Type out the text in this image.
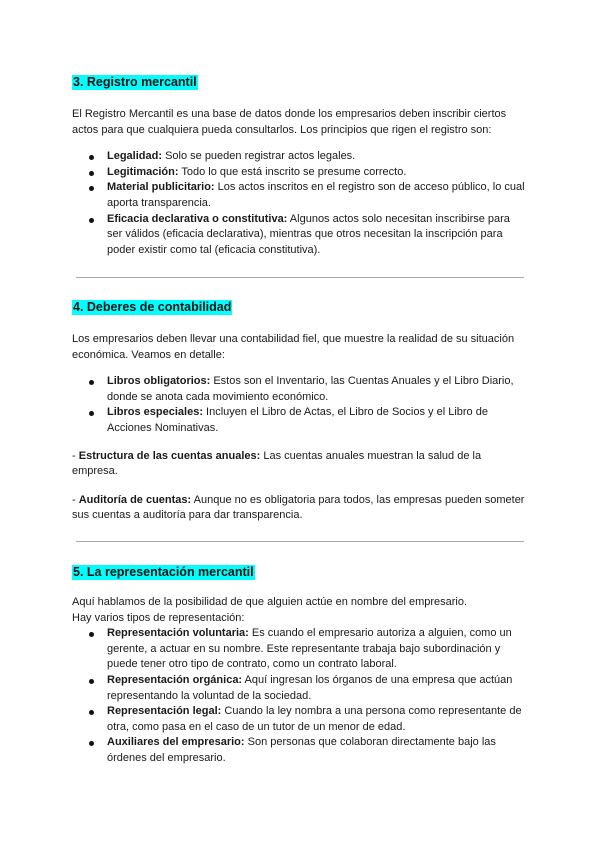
3. Registro mercantil

El Registro Mercantil es una base de datos donde los empresarios deben inscribir ciertos actos para que cualquiera pueda consultarlos. Los principios que rigen el registro son:

Legalidad: Solo se pueden registrar actos legales.
Legitimación: Todo lo que está inscrito se presume correcto.
Material publicitario: Los actos inscritos en el registro son de acceso público, lo cual aporta transparencia.
Eficacia declarativa o constitutiva: Algunos actos solo necesitan inscribirse para ser válidos (eficacia declarativa), mientras que otros necesitan la inscripción para poder existir como tal (eficacia constitutiva).
4. Deberes de contabilidad

Los empresarios deben llevar una contabilidad fiel, que muestre la realidad de su situación económica. Veamos en detalle:

Libros obligatorios: Estos son el Inventario, las Cuentas Anuales y el Libro Diario, donde se anota cada movimiento económico.
Libros especiales: Incluyen el Libro de Actas, el Libro de Socios y el Libro de Acciones Nominativas.

- Estructura de las cuentas anuales: Las cuentas anuales muestran la salud de la empresa.

- Auditoría de cuentas: Aunque no es obligatoria para todos, las empresas pueden someter sus cuentas a auditoría para dar transparencia.

5. La representación mercantil

Aquí hablamos de la posibilidad de que alguien actúe en nombre del empresario.

Hay varios tipos de representación:

Representación voluntaria: Es cuando el empresario autoriza a alguien, como un gerente, a actuar en su nombre. Este representante trabaja bajo subordinación y puede tener otro tipo de contrato, como un contrato laboral.
Representación orgánica: Aquí ingresan los órganos de una empresa que actúan representando la voluntad de la sociedad.
Representación legal: Cuando la ley nombra a una persona como representante de otra, como pasa en el caso de un tutor de un menor de edad.
Auxiliares del empresario: Son personas que colaboran directamente bajo las órdenes del empresario.
